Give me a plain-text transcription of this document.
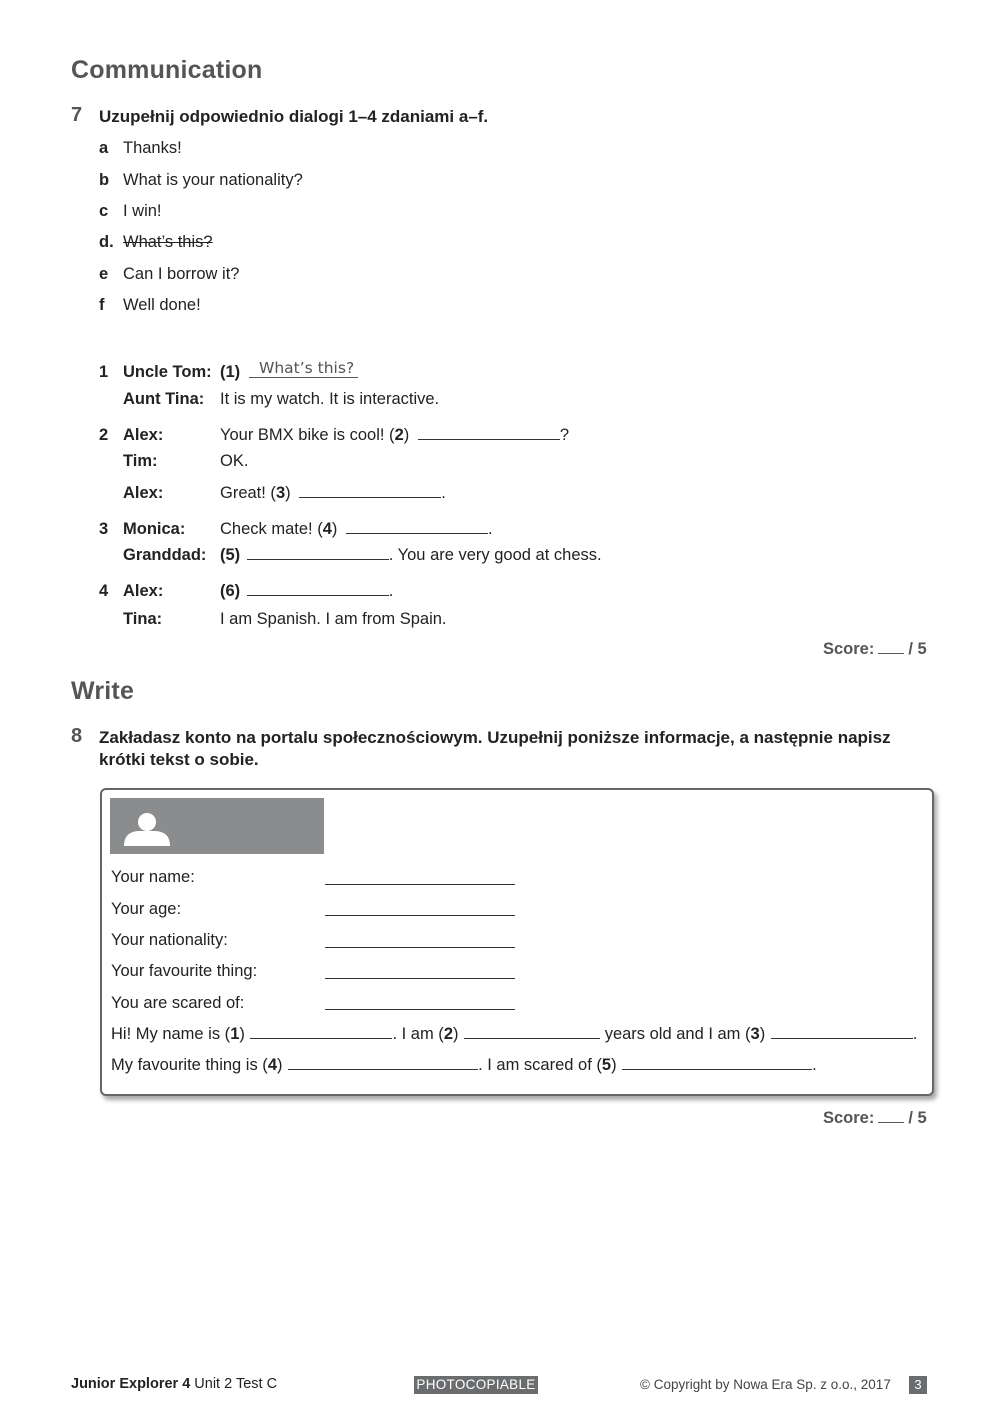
Communication
7 Uzupełnij odpowiednio dialogi 1–4 zdaniami a–f.
a Thanks!
b What is your nationality?
c I win!
d. What’s this?
e Can I borrow it?
f Well done!
1 Uncle Tom: (1)	What’s this?
Aunt Tina: It is my watch. It is interactive.
2 Alex:	Your BMX bike is cool! (2)	?
Tim:	OK.
Alex:	Great! (3)	.
3 Monica: Check mate! (4)	.
Granddad: (5)	. You are very good at chess.
4 Alex:	(6)	.
Tina:	I am Spanish. I am from Spain.
Score: / 5
Write
8 Zakładasz konto na portalu społecznościowym. Uzupełnij poniższe informacje, a następnie napisz
krótki tekst o sobie.
Your name:
Your age:
Your nationality:
Your favourite thing:
You are scared of:
Hi! My name is (1)	. I am (2)	years old and I am (3)	.
My favourite thing is (4)	. I am scared of (5)	.
Score: / 5
Junior Explorer 4 Unit 2 Test C	PHOTOCOPIABLE	© Copyright by Nowa Era Sp. z o.o., 2017	3
